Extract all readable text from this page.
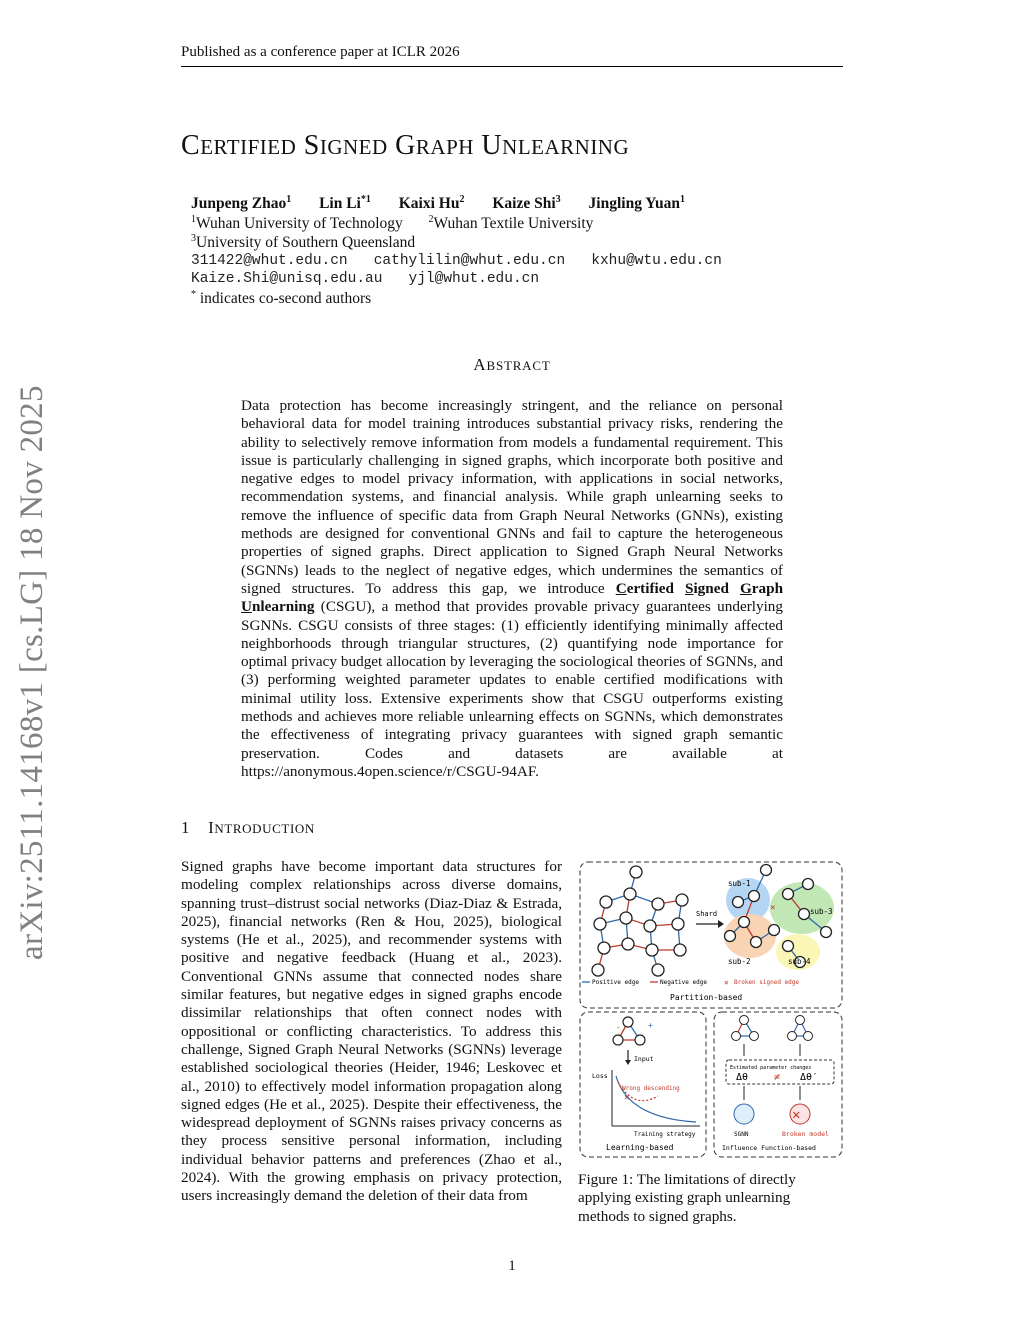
Published as a conference paper at ICLR 2026
CERTIFIED SIGNED GRAPH UNLEARNING
arXiv:2511.14168v1 [cs.LG] 18 Nov 2025
Junpeng Zhao$^1$ Lin Li$^{*1}$ Kaixi Hu$^2$ Kaize Shi$^3$ Jingling Yuan$^1$
$^1$Wuhan University of Technology	$^2$Wuhan Textile University
$^3$University of Southern Queensland
311422@whut.edu.cn   cathylilin@whut.edu.cn   kxhu@wtu.edu.cn
Kaize.Shi@unisq.edu.au   yjl@whut.edu.cn
* indicates co-second authors
ABSTRACT
Data protection has become increasingly stringent, and the reliance on personal behavioral data for model training introduces substantial privacy risks, rendering the ability to selectively remove information from models a fundamental requirement. This issue is particularly challenging in signed graphs, which incorporate both positive and negative edges to model privacy information, with applications in social networks, recommendation systems, and financial analysis. While graph unlearning seeks to remove the influence of specific data from Graph Neural Networks (GNNs), existing methods are designed for conventional GNNs and fail to capture the heterogeneous properties of signed graphs. Direct application to Signed Graph Neural Networks (SGNNs) leads to the neglect of negative edges, which undermines the semantics of signed structures. To address this gap, we introduce Certified Signed Graph Unlearning (CSGU), a method that provides provable privacy guarantees underlying SGNNs. CSGU consists of three stages: (1) efficiently identifying minimally affected neighborhoods through triangular structures, (2) quantifying node importance for optimal privacy budget allocation by leveraging the sociological theories of SGNNs, and (3) performing weighted parameter updates to enable certified modifications with minimal utility loss. Extensive experiments show that CSGU outperforms existing methods and achieves more reliable unlearning effects on SGNNs, which demonstrates the effectiveness of integrating privacy guarantees with signed graph semantic preservation. Codes and datasets are available at https://anonymous.4open.science/r/CSGU-94AF.
1 INTRODUCTION
Signed graphs have become important data structures for modeling complex relationships across diverse domains, spanning trust–distrust social networks (Diaz-Diaz & Estrada, 2025), financial networks (Ren & Hou, 2025), biological systems (He et al., 2025), and recommender systems with positive and negative feedback (Huang et al., 2023). Conventional GNNs assume that connected nodes share similar features, but negative edges in signed graphs encode dissimilar relationships that often connect nodes with oppositional or conflicting characteristics. To address this challenge, Signed Graph Neural Networks (SGNNs) leverage established sociological theories (Heider, 1946; Leskovec et al., 2010) to effectively model information propagation along signed edges (He et al., 2025). Despite their effectiveness, the widespread deployment of SGNNs raises privacy concerns as they process sensitive personal information, including individual behavior patterns and preferences (Zhao et al., 2024). With the growing emphasis on privacy protection, users increasingly demand the deletion of their data from
Shard
✕
sub-1
sub-3
sub-2	sub-4
Positive edge	Negative edge ✕ Broken signed edge
Partition-based
-	+
Input
Loss
✕
Wrong descending
Training strategy
Learning-based
Estimated parameter changes
Δθ	≠ Δθ′
✕
SGNN	Broken model
Influence Function-based
Figure 1: The limitations of directly applying existing graph unlearning methods to signed graphs.
1
